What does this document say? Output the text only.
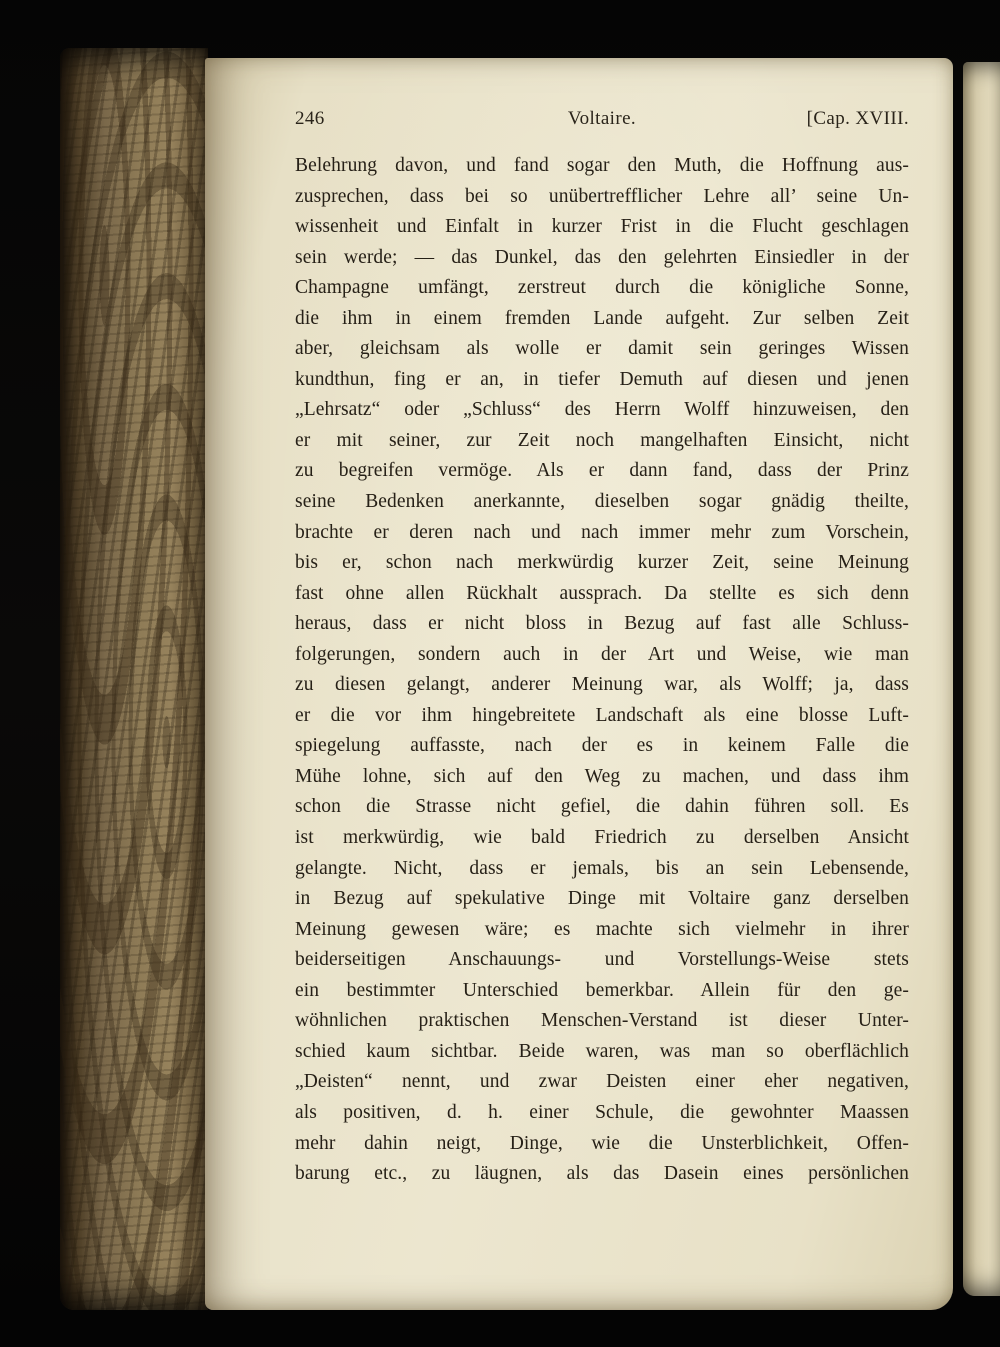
246	Voltaire.	[Cap. XVIII.
Belehrung davon, und fand sogar den Muth, die Hoffnung aus-
zusprechen, dass bei so unübertrefflicher Lehre all’ seine Un-
wissenheit und Einfalt in kurzer Frist in die Flucht geschlagen
sein werde; — das Dunkel, das den gelehrten Einsiedler in der
Champagne umfängt, zerstreut durch die königliche Sonne,
die ihm in einem fremden Lande aufgeht. Zur selben Zeit
aber, gleichsam als wolle er damit sein geringes Wissen
kundthun, fing er an, in tiefer Demuth auf diesen und jenen
„Lehrsatz“ oder „Schluss“ des Herrn Wolff hinzuweisen, den
er mit seiner, zur Zeit noch mangelhaften Einsicht, nicht
zu begreifen vermöge. Als er dann fand, dass der Prinz
seine Bedenken anerkannte, dieselben sogar gnädig theilte,
brachte er deren nach und nach immer mehr zum Vorschein,
bis er, schon nach merkwürdig kurzer Zeit, seine Meinung
fast ohne allen Rückhalt aussprach. Da stellte es sich denn
heraus, dass er nicht bloss in Bezug auf fast alle Schluss-
folgerungen, sondern auch in der Art und Weise, wie man
zu diesen gelangt, anderer Meinung war, als Wolff; ja, dass
er die vor ihm hingebreitete Landschaft als eine blosse Luft-
spiegelung auffasste, nach der es in keinem Falle die
Mühe lohne, sich auf den Weg zu machen, und dass ihm
schon die Strasse nicht gefiel, die dahin führen soll. Es
ist merkwürdig, wie bald Friedrich zu derselben Ansicht
gelangte. Nicht, dass er jemals, bis an sein Lebensende,
in Bezug auf spekulative Dinge mit Voltaire ganz derselben
Meinung gewesen wäre; es machte sich vielmehr in ihrer
beiderseitigen Anschauungs- und Vorstellungs-Weise stets
ein bestimmter Unterschied bemerkbar. Allein für den ge-
wöhnlichen praktischen Menschen-Verstand ist dieser Unter-
schied kaum sichtbar. Beide waren, was man so oberflächlich
„Deisten“ nennt, und zwar Deisten einer eher negativen,
als positiven, d. h. einer Schule, die gewohnter Maassen
mehr dahin neigt, Dinge, wie die Unsterblichkeit, Offen-
barung etc., zu läugnen, als das Dasein eines persönlichen
